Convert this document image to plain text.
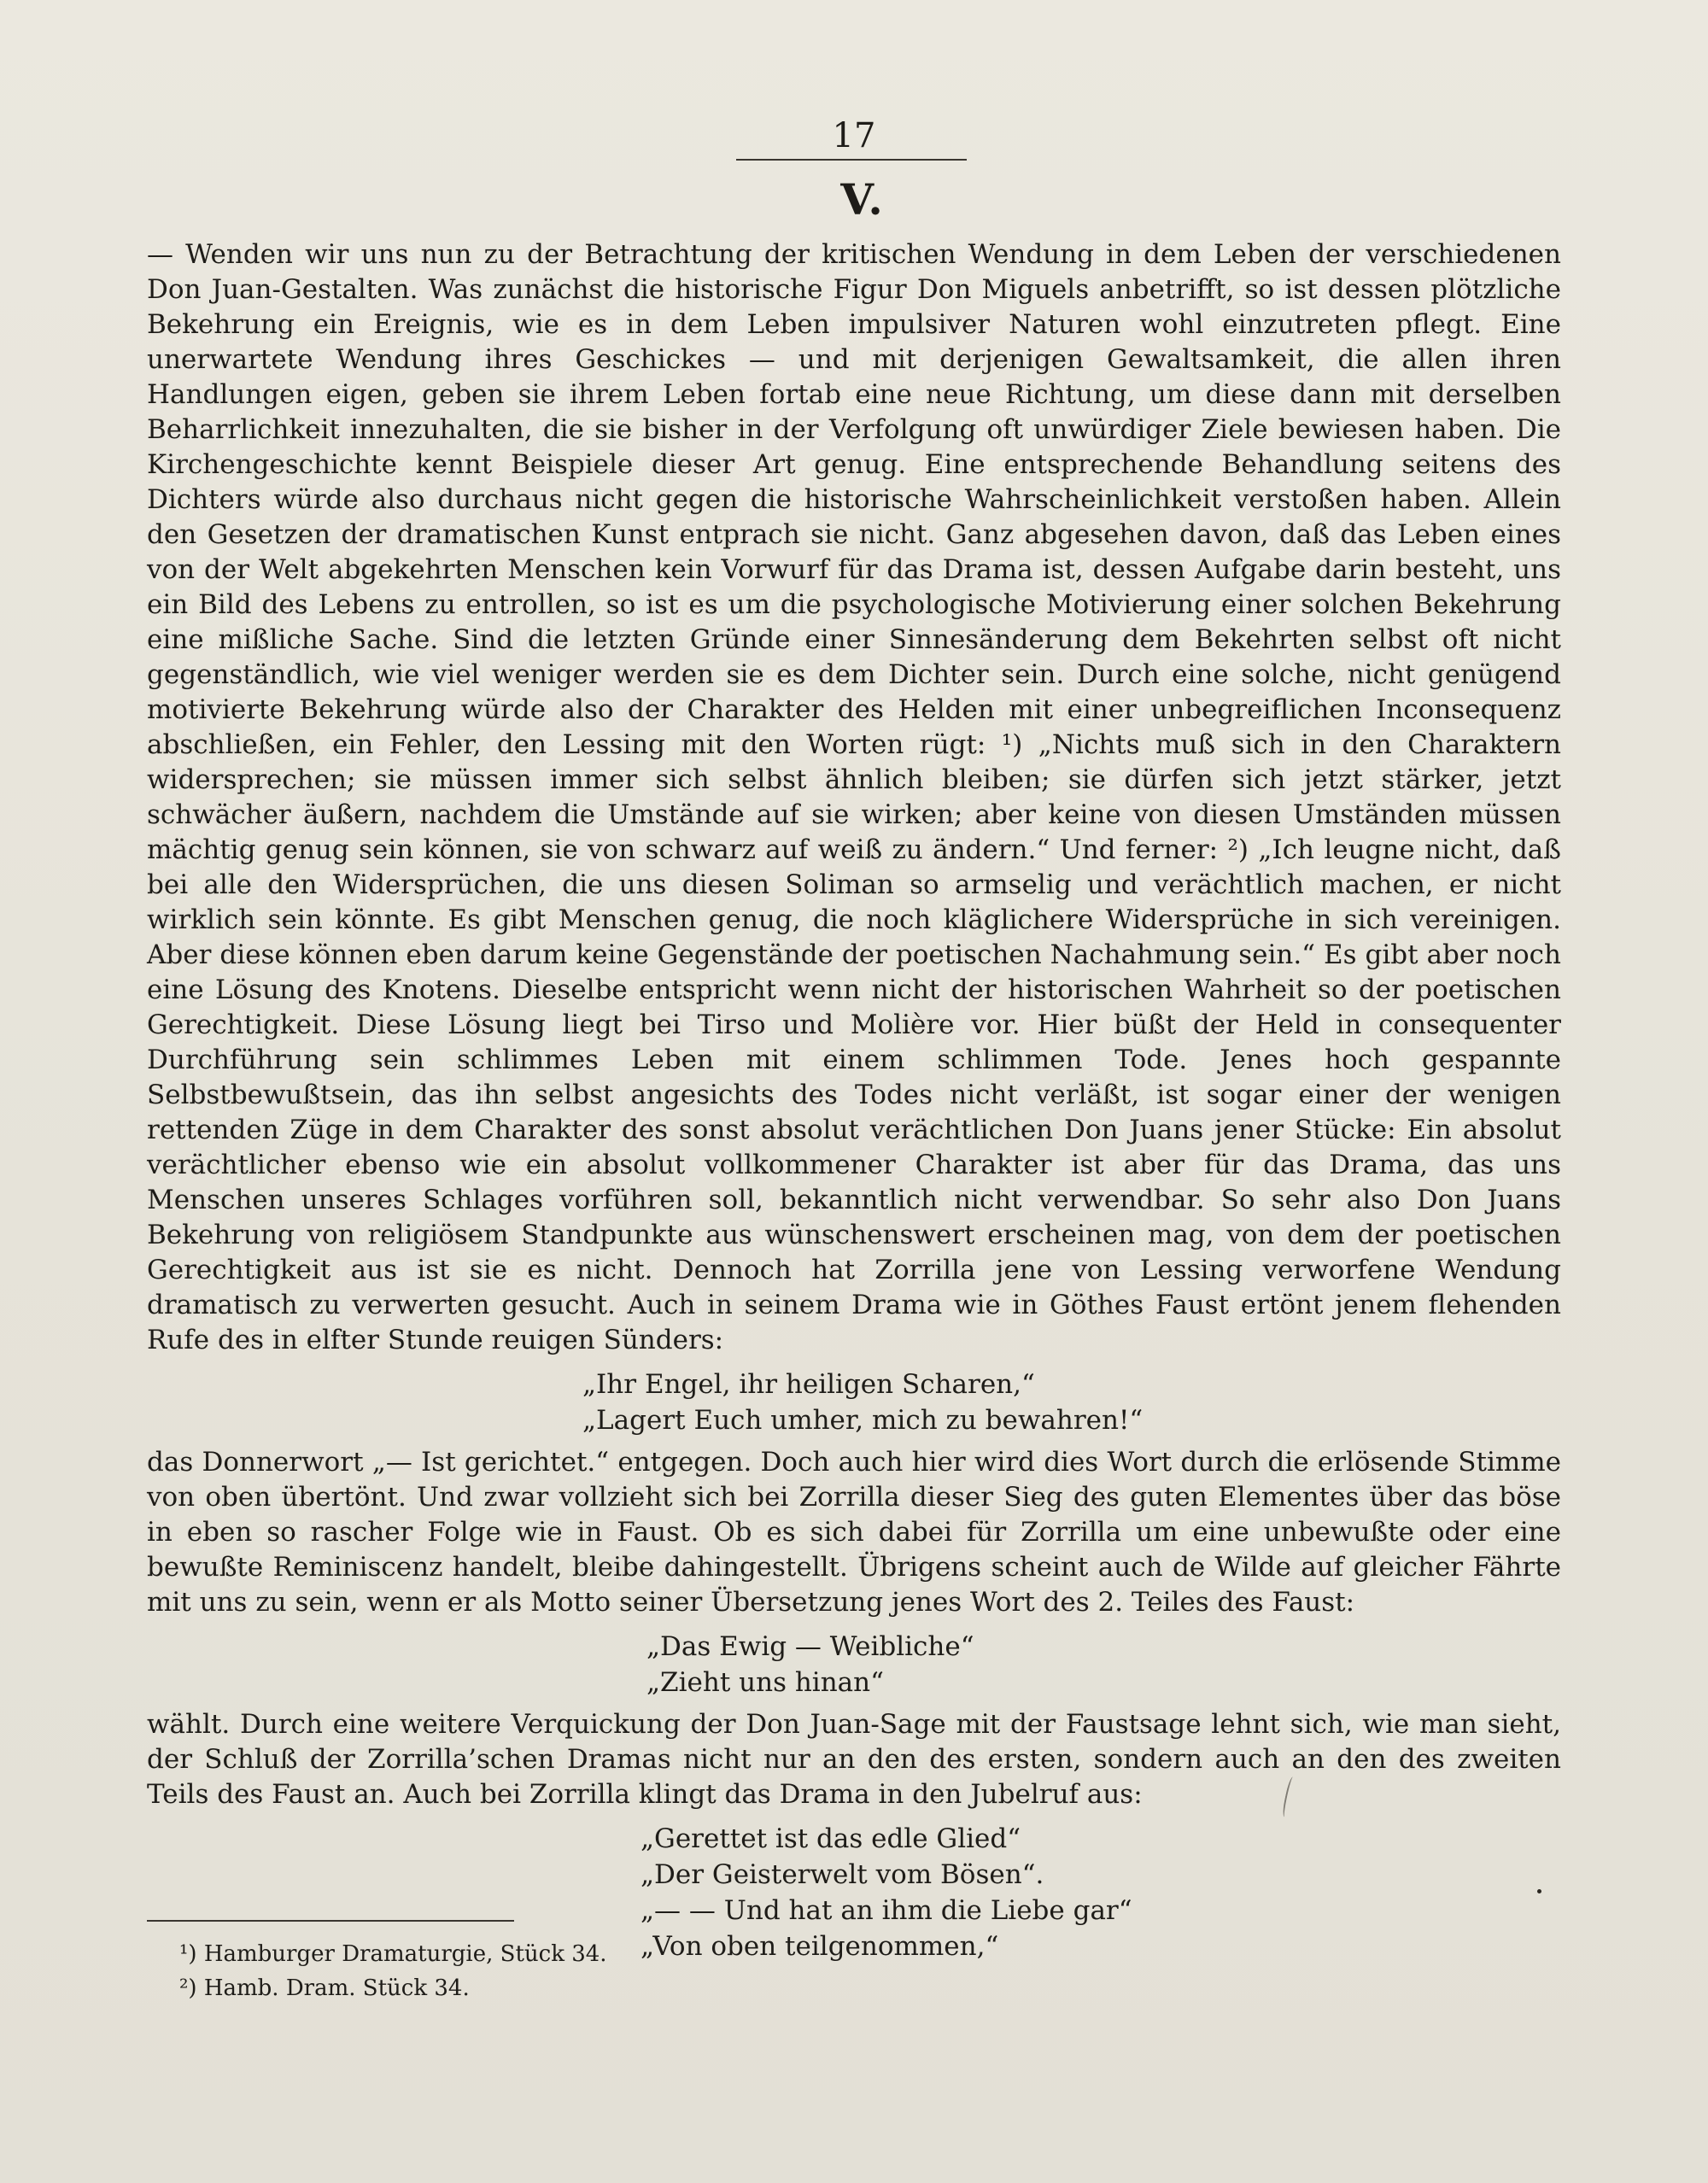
17
V.

— Wenden wir uns nun zu der Betrachtung der kritischen Wendung in dem Leben der verschiedenen Don Juan-Gestalten. Was zunächst die historische Figur Don Miguels anbetrifft, so ist dessen plötzliche Bekehrung ein Ereignis, wie es in dem Leben impulsiver Naturen wohl einzutreten pflegt. Eine unerwartete Wendung ihres Geschickes — und mit derjenigen Gewaltsamkeit, die allen ihren Handlungen eigen, geben sie ihrem Leben fortab eine neue Richtung, um diese dann mit derselben Beharrlichkeit innezuhalten, die sie bisher in der Verfolgung oft unwürdiger Ziele bewiesen haben. Die Kirchengeschichte kennt Beispiele dieser Art genug. Eine entsprechende Behandlung seitens des Dichters würde also durchaus nicht gegen die historische Wahrscheinlichkeit verstoßen haben. Allein den Gesetzen der dramatischen Kunst entprach sie nicht. Ganz abgesehen davon, daß das Leben eines von der Welt abgekehrten Menschen kein Vorwurf für das Drama ist, dessen Aufgabe darin besteht, uns ein Bild des Lebens zu entrollen, so ist es um die psychologische Motivierung einer solchen Bekehrung eine mißliche Sache. Sind die letzten Gründe einer Sinnesänderung dem Bekehrten selbst oft nicht gegenständlich, wie viel weniger werden sie es dem Dichter sein. Durch eine solche, nicht genügend motivierte Bekehrung würde also der Charakter des Helden mit einer unbegreiflichen Inconsequenz abschließen, ein Fehler, den Lessing mit den Worten rügt: ¹) „Nichts muß sich in den Charaktern widersprechen; sie müssen immer sich selbst ähnlich bleiben; sie dürfen sich jetzt stärker, jetzt schwächer äußern, nachdem die Umstände auf sie wirken; aber keine von diesen Umständen müssen mächtig genug sein können, sie von schwarz auf weiß zu ändern.“ Und ferner: ²) „Ich leugne nicht, daß bei alle den Widersprüchen, die uns diesen Soliman so armselig und verächtlich machen, er nicht wirklich sein könnte. Es gibt Menschen genug, die noch kläglichere Widersprüche in sich vereinigen. Aber diese können eben darum keine Gegenstände der poetischen Nachahmung sein.“ Es gibt aber noch eine Lösung des Knotens. Dieselbe entspricht wenn nicht der historischen Wahrheit so der poetischen Gerechtigkeit. Diese Lösung liegt bei Tirso und Molière vor. Hier büßt der Held in consequenter Durchführung sein schlimmes Leben mit einem schlimmen Tode. Jenes hoch gespannte Selbstbewußtsein, das ihn selbst angesichts des Todes nicht verläßt, ist sogar einer der wenigen rettenden Züge in dem Charakter des sonst absolut verächtlichen Don Juans jener Stücke: Ein absolut verächtlicher ebenso wie ein absolut vollkommener Charakter ist aber für das Drama, das uns Menschen unseres Schlages vorführen soll, bekanntlich nicht verwendbar. So sehr also Don Juans Bekehrung von religiösem Standpunkte aus wünschenswert erscheinen mag, von dem der poetischen Gerechtigkeit aus ist sie es nicht. Dennoch hat Zorrilla jene von Lessing verworfene Wendung dramatisch zu verwerten gesucht. Auch in seinem Drama wie in Göthes Faust ertönt jenem flehenden Rufe des in elfter Stunde reuigen Sünders:

„Ihr Engel, ihr heiligen Scharen,“
„Lagert Euch umher, mich zu bewahren!“

das Donnerwort „— Ist gerichtet.“ entgegen. Doch auch hier wird dies Wort durch die erlösende Stimme von oben übertönt. Und zwar vollzieht sich bei Zorrilla dieser Sieg des guten Elementes über das böse in eben so rascher Folge wie in Faust. Ob es sich dabei für Zorrilla um eine unbewußte oder eine bewußte Reminiscenz handelt, bleibe dahingestellt. Übrigens scheint auch de Wilde auf gleicher Fährte mit uns zu sein, wenn er als Motto seiner Übersetzung jenes Wort des 2. Teiles des Faust:

„Das Ewig — Weibliche“
„Zieht uns hinan“

wählt. Durch eine weitere Verquickung der Don Juan-Sage mit der Faustsage lehnt sich, wie man sieht, der Schluß der Zorrilla’schen Dramas nicht nur an den des ersten, sondern auch an den des zweiten Teils des Faust an. Auch bei Zorrilla klingt das Drama in den Jubelruf aus:

„Gerettet ist das edle Glied“
„Der Geisterwelt vom Bösen“.
„— — Und hat an ihm die Liebe gar“
„Von oben teilgenommen,“
¹) Hamburger Dramaturgie, Stück 34.
²) Hamb. Dram. Stück 34.
